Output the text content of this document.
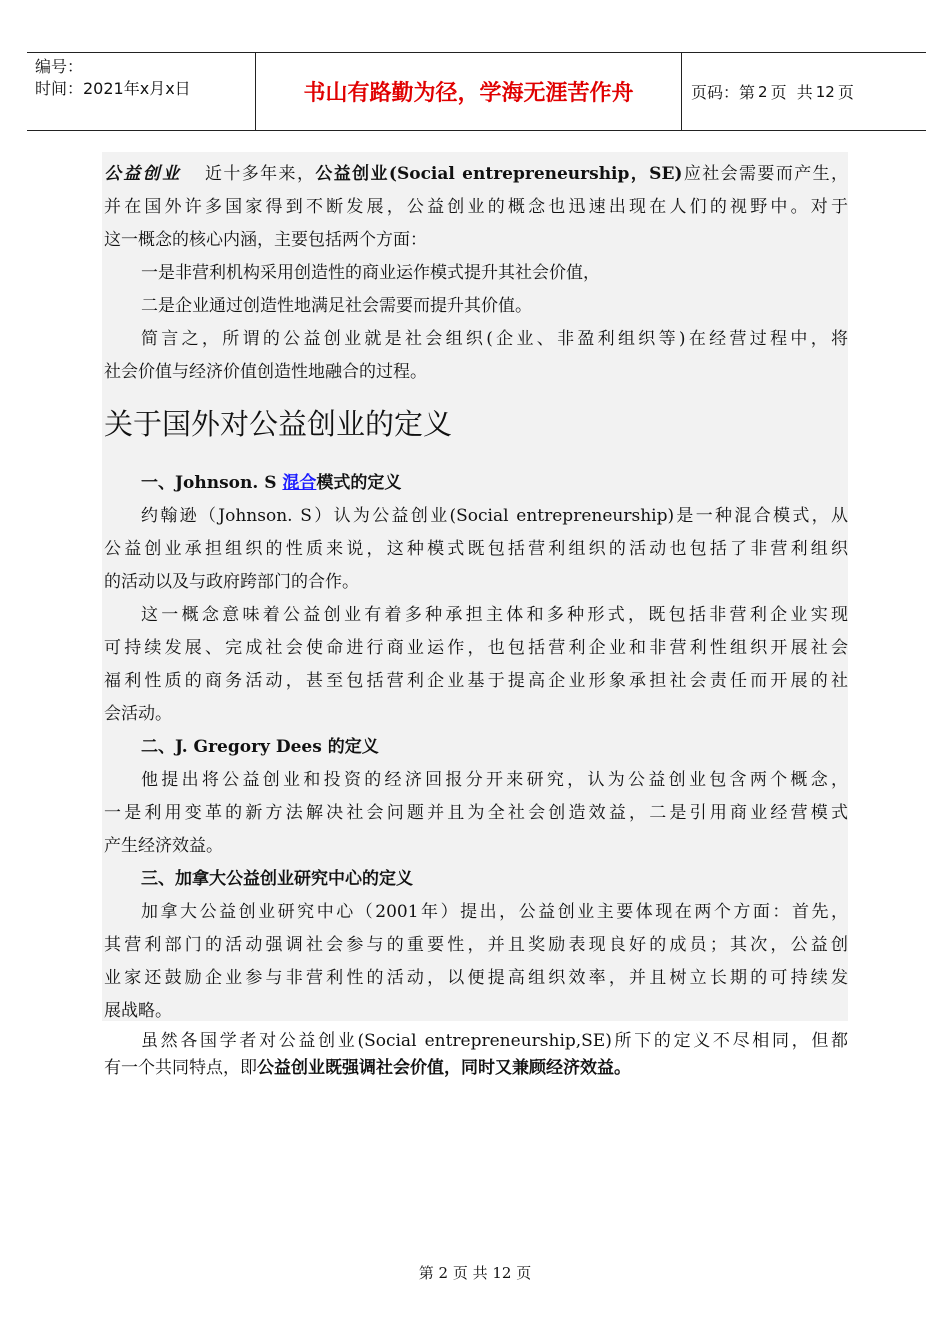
编号：
时间：2021年x月x日	书山有路勤为径，学海无涯苦作舟	页码：第 2 页  共 12 页
公益创业 近十多年来，公益创业(Social entrepreneurship，SE)应社会需要而产生，
并在国外许多国家得到不断发展，公益创业的概念也迅速出现在人们的视野中。对于
这一概念的核心内涵，主要包括两个方面：
一是非营利机构采用创造性的商业运作模式提升其社会价值，
二是企业通过创造性地满足社会需要而提升其价值。
简言之，所谓的公益创业就是社会组织(企业、非盈利组织等)在经营过程中，将
社会价值与经济价值创造性地融合的过程。
关于国外对公益创业的定义
一、Johnson. S 混合模式的定义
约翰逊（Johnson. S）认为公益创业(Social entrepreneurship)是一种混合模式，从
公益创业承担组织的性质来说，这种模式既包括营利组织的活动也包括了非营利组织
的活动以及与政府跨部门的合作。
这一概念意味着公益创业有着多种承担主体和多种形式，既包括非营利企业实现
可持续发展、完成社会使命进行商业运作，也包括营利企业和非营利性组织开展社会
福利性质的商务活动，甚至包括营利企业基于提高企业形象承担社会责任而开展的社
会活动。
二、J. Gregory Dees 的定义
他提出将公益创业和投资的经济回报分开来研究，认为公益创业包含两个概念，
一是利用变革的新方法解决社会问题并且为全社会创造效益，二是引用商业经营模式
产生经济效益。
三、加拿大公益创业研究中心的定义
加拿大公益创业研究中心（2001年）提出，公益创业主要体现在两个方面：首先，
其营利部门的活动强调社会参与的重要性，并且奖励表现良好的成员；其次，公益创
业家还鼓励企业参与非营利性的活动，以便提高组织效率，并且树立长期的可持续发
展战略。
虽然各国学者对公益创业(Social entrepreneurship,SE)所下的定义不尽相同，但都
有一个共同特点，即公益创业既强调社会价值，同时又兼顾经济效益。
第 2 页 共 12 页
